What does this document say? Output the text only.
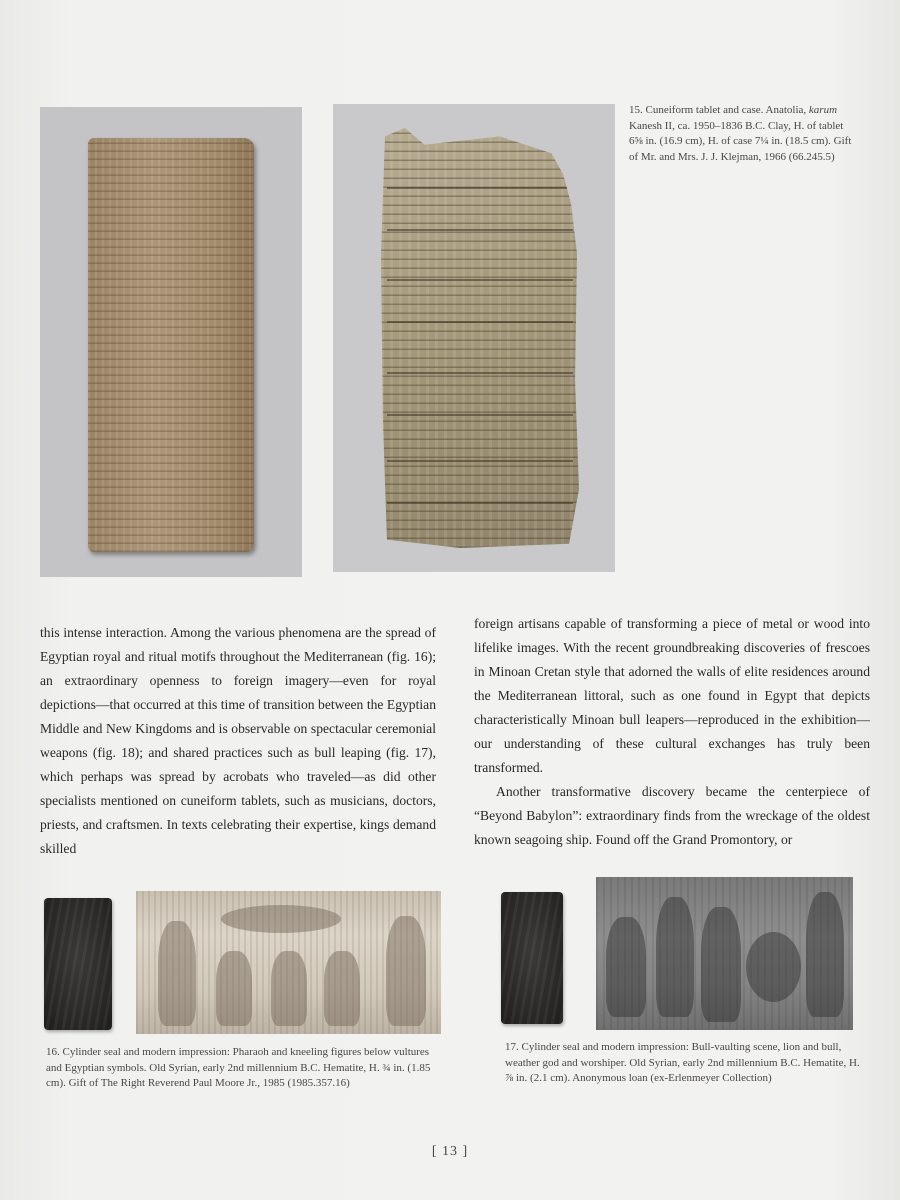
15. Cuneiform tablet and case. Anatolia, karum Kanesh II, ca. 1950–1836 B.C. Clay, H. of tablet 6⅝ in. (16.9 cm), H. of case 7¼ in. (18.5 cm). Gift of Mr. and Mrs. J. J. Klejman, 1966 (66.245.5)

this intense interaction. Among the various phenomena are the spread of Egyptian royal and ritual motifs throughout the Mediterranean (fig. 16); an extraordinary openness to foreign imagery—even for royal depictions—that occurred at this time of transition between the Egyptian Middle and New Kingdoms and is observable on spectacular ceremonial weapons (fig. 18); and shared practices such as bull leaping (fig. 17), which perhaps was spread by acrobats who traveled—as did other specialists mentioned on cuneiform tablets, such as musicians, doctors, priests, and craftsmen. In texts celebrating their expertise, kings demand skilled

foreign artisans capable of transforming a piece of metal or wood into lifelike images. With the recent groundbreaking discoveries of frescoes in Minoan Cretan style that adorned the walls of elite residences around the Mediterranean littoral, such as one found in Egypt that depicts characteristically Minoan bull leapers—reproduced in the exhibition—our understanding of these cultural exchanges has truly been transformed.

Another transformative discovery became the centerpiece of “Beyond Babylon”: extraordinary finds from the wreckage of the oldest known seagoing ship. Found off the Grand Promontory, or

16. Cylinder seal and modern impression: Pharaoh and kneeling figures below vultures and Egyptian symbols. Old Syrian, early 2nd millennium B.C. Hematite, H. ¾ in. (1.85 cm). Gift of The Right Reverend Paul Moore Jr., 1985 (1985.357.16)

17. Cylinder seal and modern impression: Bull-vaulting scene, lion and bull, weather god and worshiper. Old Syrian, early 2nd millennium B.C. Hematite, H. ⅞ in. (2.1 cm). Anonymous loan (ex-Erlenmeyer Collection)

[ 13 ]
